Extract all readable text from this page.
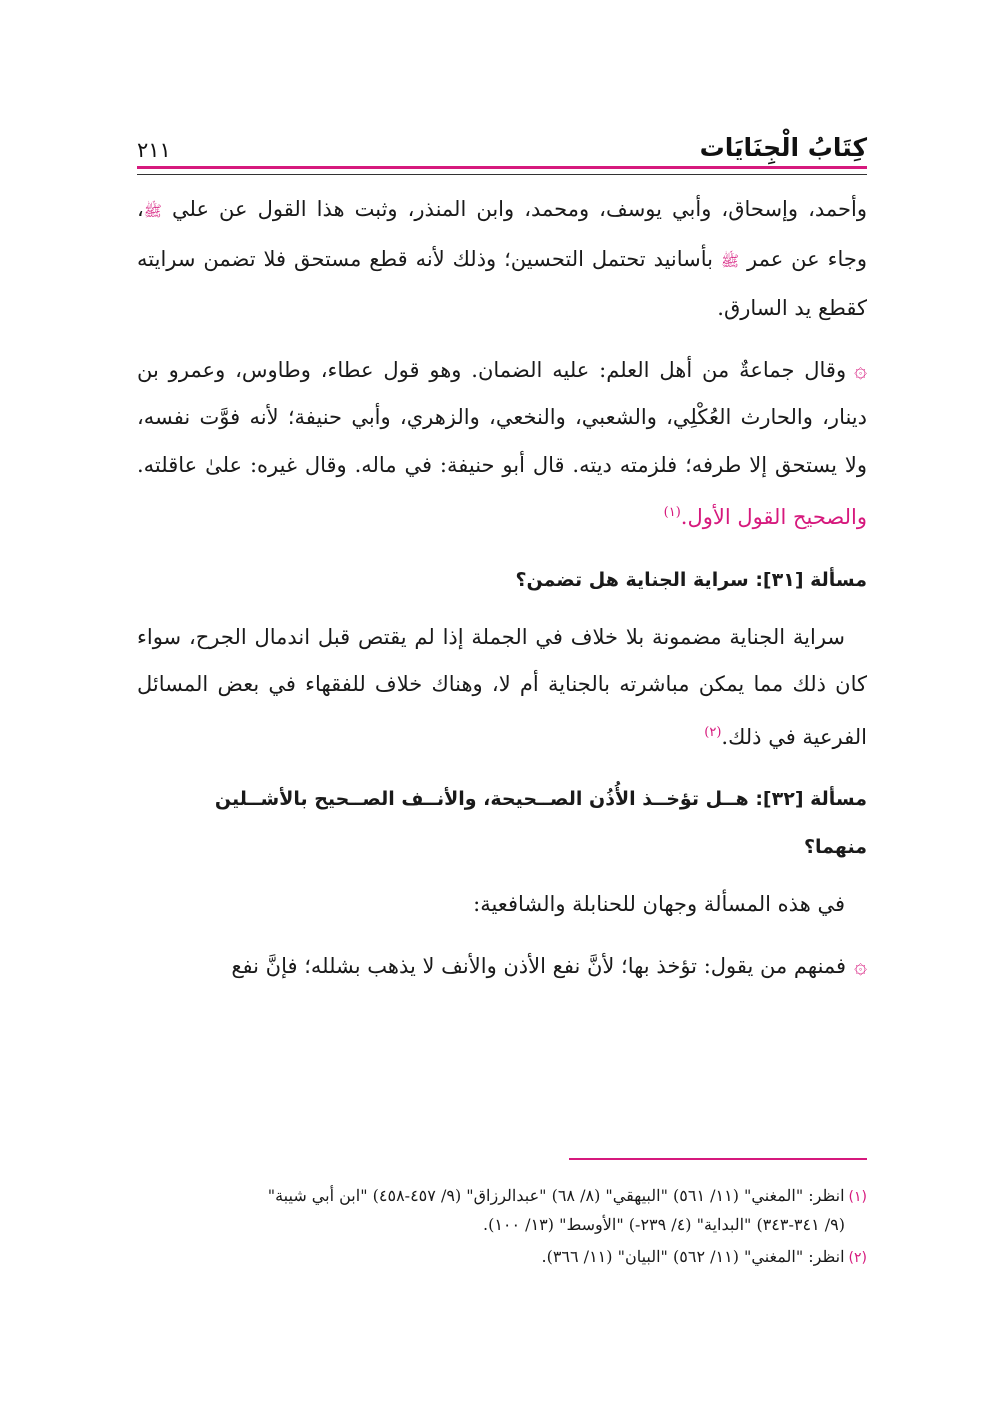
كِتَابُ الْجِنَايَات
٢١١

وأحمد، وإسحاق، وأبي يوسف، ومحمد، وابن المنذر، وثبت هذا القول عن علي ﷺ، وجاء عن عمر ﷺ بأسانيد تحتمل التحسين؛ وذلك لأنه قطع مستحق فلا تضمن سرايته كقطع يد السارق.

۞وقال جماعةٌ من أهل العلم: عليه الضمان. وهو قول عطاء، وطاوس، وعمرو بن دينار، والحارث العُكْلِي، والشعبي، والنخعي، والزهري، وأبي حنيفة؛ لأنه فوَّت نفسه، ولا يستحق إلا طرفه؛ فلزمته ديته. قال أبو حنيفة: في ماله. وقال غيره: علىٰ عاقلته. والصحيح القول الأول.$^{(١)}$

مسألة [٣١]: سراية الجناية هل تضمن؟

سراية الجناية مضمونة بلا خلاف في الجملة إذا لم يقتص قبل اندمال الجرح، سواء كان ذلك مما يمكن مباشرته بالجناية أم لا، وهناك خلاف للفقهاء في بعض المسائل الفرعية في ذلك.$^{(٢)}$

مسألة [٣٢]: هــل تؤخــذ الأُذُن الصــحيحة، والأنــف الصــحيح بالأشــلين

منهما؟

في هذه المسألة وجهان للحنابلة والشافعية:

۞فمنهم من يقول: تؤخذ بها؛ لأنَّ نفع الأذن والأنف لا يذهب بشلله؛ فإنَّ نفع

(١)انظر: "المغني" (١١/ ٥٦١) "البيهقي" (٨/ ٦٨) "عبدالرزاق" (٩/ ٤٥٧-٤٥٨) "ابن أبي شيبة"

(٩/ ٣٤١-٣٤٣) "البداية" (٤/ ٢٣٩-) "الأوسط" (١٣/ ١٠٠).

(٢)انظر: "المغني" (١١/ ٥٦٢) "البيان" (١١/ ٣٦٦).
